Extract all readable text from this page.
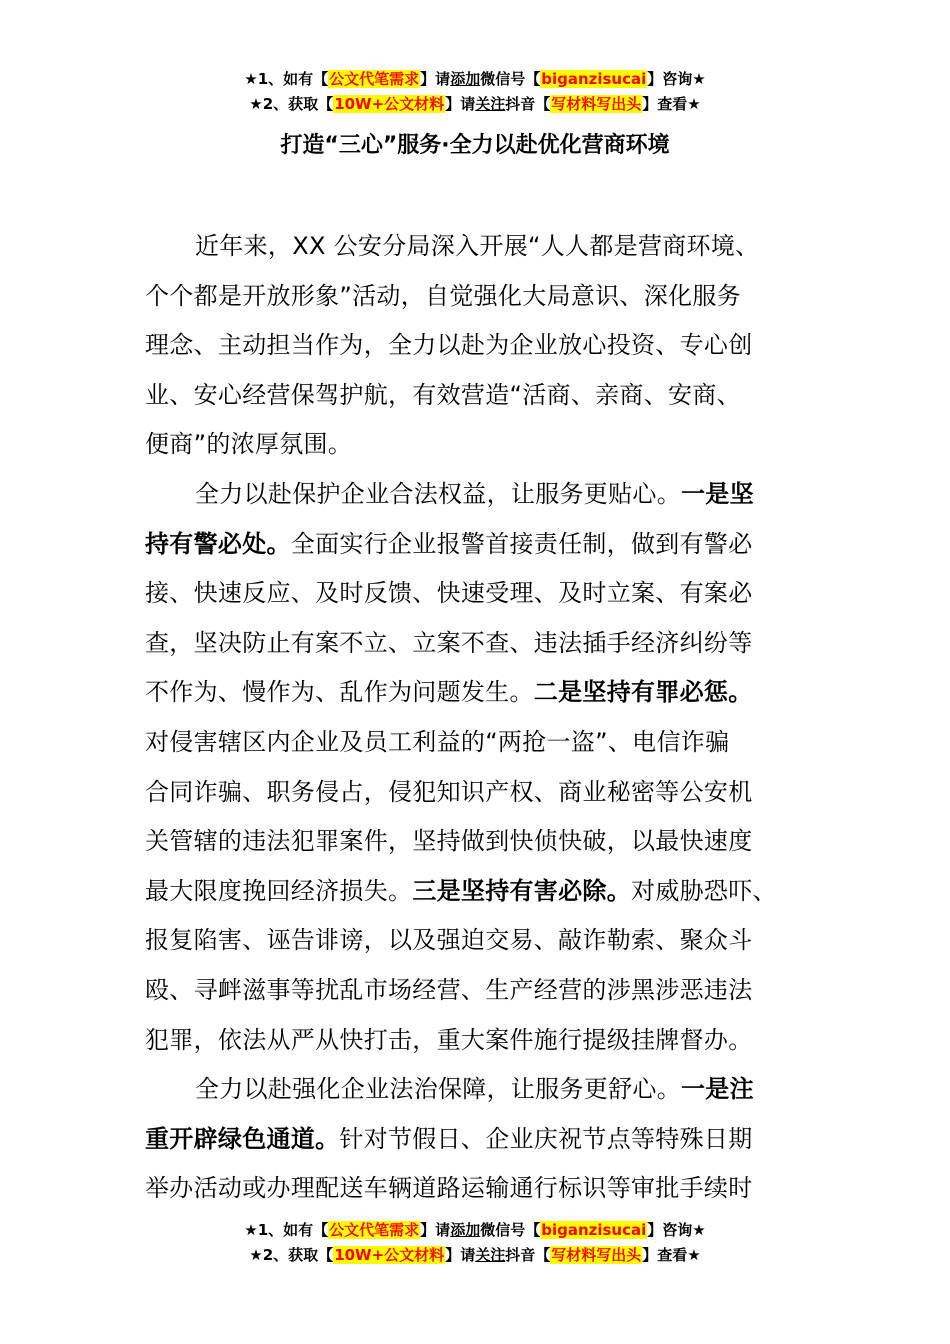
★1、如有【公文代笔需求】请添加微信号【biganzisucai】咨询★
★2、获取【10W+公文材料】请关注抖音【写材料写出头】查看★
打造“三心”服务·全力以赴优化营商环境
近年来，XX 公安分局深入开展“人人都是营商环境、
个个都是开放形象”活动，自觉强化大局意识、深化服务
理念、主动担当作为，全力以赴为企业放心投资、专心创
业、安心经营保驾护航，有效营造“活商、亲商、安商、
便商”的浓厚氛围。
全力以赴保护企业合法权益，让服务更贴心。一是坚
持有警必处。全面实行企业报警首接责任制，做到有警必
接、快速反应、及时反馈、快速受理、及时立案、有案必
查，坚决防止有案不立、立案不查、违法插手经济纠纷等
不作为、慢作为、乱作为问题发生。二是坚持有罪必惩。
对侵害辖区内企业及员工利益的“两抢一盗”、电信诈骗
合同诈骗、职务侵占，侵犯知识产权、商业秘密等公安机
关管辖的违法犯罪案件，坚持做到快侦快破，以最快速度
最大限度挽回经济损失。三是坚持有害必除。对威胁恐吓、
报复陷害、诬告诽谤，以及强迫交易、敲诈勒索、聚众斗
殴、寻衅滋事等扰乱市场经营、生产经营的涉黑涉恶违法
犯罪，依法从严从快打击，重大案件施行提级挂牌督办。
全力以赴强化企业法治保障，让服务更舒心。一是注
重开辟绿色通道。针对节假日、企业庆祝节点等特殊日期
举办活动或办理配送车辆道路运输通行标识等审批手续时
★1、如有【公文代笔需求】请添加微信号【biganzisucai】咨询★
★2、获取【10W+公文材料】请关注抖音【写材料写出头】查看★
